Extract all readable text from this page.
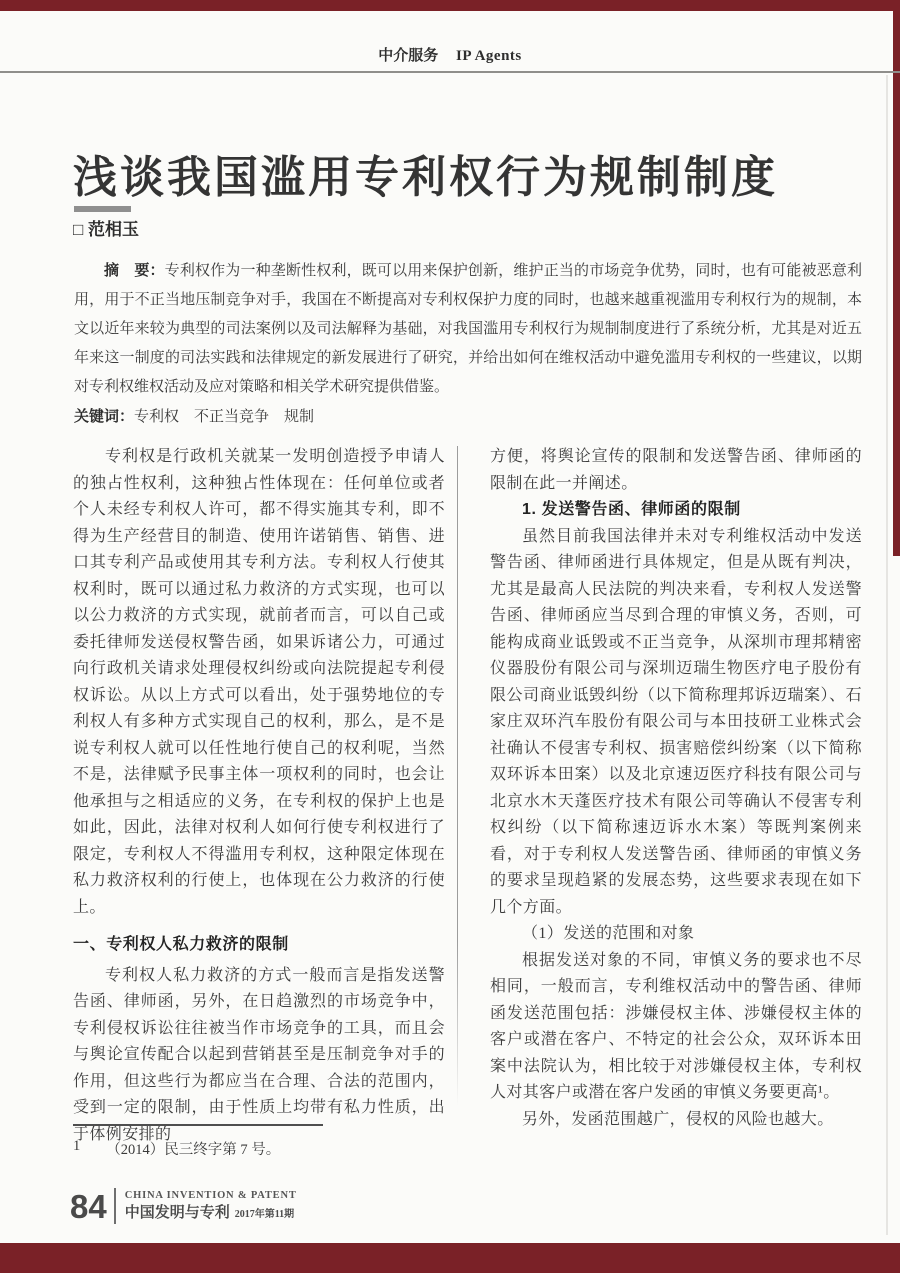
中介服务 IP Agents
浅谈我国滥用专利权行为规制制度
□ 范相玉

摘　要：专利权作为一种垄断性权利，既可以用来保护创新，维护正当的市场竞争优势，同时，也有可能被恶意利用，用于不正当地压制竞争对手，我国在不断提高对专利权保护力度的同时，也越来越重视滥用专利权行为的规制，本文以近年来较为典型的司法案例以及司法解释为基础，对我国滥用专利权行为规制制度进行了系统分析，尤其是对近五年来这一制度的司法实践和法律规定的新发展进行了研究，并给出如何在维权活动中避免滥用专利权的一些建议，以期对专利权维权活动及应对策略和相关学术研究提供借鉴。

关键词：专利权　不正当竞争　规制

专利权是行政机关就某一发明创造授予申请人的独占性权利，这种独占性体现在：任何单位或者个人未经专利权人许可，都不得实施其专利，即不得为生产经营目的制造、使用许诺销售、销售、进口其专利产品或使用其专利方法。专利权人行使其权利时，既可以通过私力救济的方式实现，也可以以公力救济的方式实现，就前者而言，可以自己或委托律师发送侵权警告函，如果诉诸公力，可通过向行政机关请求处理侵权纠纷或向法院提起专利侵权诉讼。从以上方式可以看出，处于强势地位的专利权人有多种方式实现自己的权利，那么，是不是说专利权人就可以任性地行使自己的权利呢，当然不是，法律赋予民事主体一项权利的同时，也会让他承担与之相适应的义务，在专利权的保护上也是如此，因此，法律对权利人如何行使专利权进行了限定，专利权人不得滥用专利权，这种限定体现在私力救济权利的行使上，也体现在公力救济的行使上。
一、专利权人私力救济的限制
专利权人私力救济的方式一般而言是指发送警告函、律师函，另外，在日趋激烈的市场竞争中，专利侵权诉讼往往被当作市场竞争的工具，而且会与舆论宣传配合以起到营销甚至是压制竞争对手的作用，但这些行为都应当在合理、合法的范围内，受到一定的限制，由于性质上均带有私力性质，出于体例安排的
方便，将舆论宣传的限制和发送警告函、律师函的限制在此一并阐述。
1. 发送警告函、律师函的限制
虽然目前我国法律并未对专利维权活动中发送警告函、律师函进行具体规定，但是从既有判决，尤其是最高人民法院的判决来看，专利权人发送警告函、律师函应当尽到合理的审慎义务，否则，可能构成商业诋毁或不正当竞争，从深圳市理邦精密仪器股份有限公司与深圳迈瑞生物医疗电子股份有限公司商业诋毁纠纷（以下简称理邦诉迈瑞案）、石家庄双环汽车股份有限公司与本田技研工业株式会社确认不侵害专利权、损害赔偿纠纷案（以下简称双环诉本田案）以及北京速迈医疗科技有限公司与北京水木天蓬医疗技术有限公司等确认不侵害专利权纠纷（以下简称速迈诉水木案）等既判案例来看，对于专利权人发送警告函、律师函的审慎义务的要求呈现趋紧的发展态势，这些要求表现在如下几个方面。
（1）发送的范围和对象
根据发送对象的不同，审慎义务的要求也不尽相同，一般而言，专利维权活动中的警告函、律师函发送范围包括：涉嫌侵权主体、涉嫌侵权主体的客户或潜在客户、不特定的社会公众，双环诉本田案中法院认为，相比较于对涉嫌侵权主体，专利权人对其客户或潜在客户发函的审慎义务要更高¹。
另外，发函范围越广，侵权的风险也越大。
1 （2014）民三终字第 7 号。
84 CHINA INVENTION & PATENT
中国发明与专利 2017年第11期
